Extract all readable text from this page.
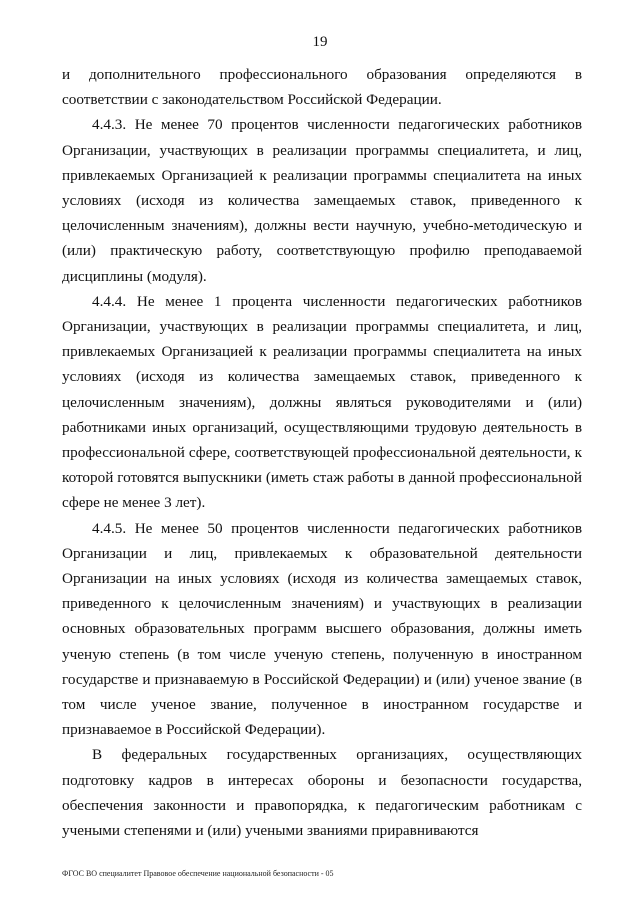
19

и дополнительного профессионального образования определяются в соответствии с законодательством Российской Федерации.

4.4.3. Не менее 70 процентов численности педагогических работников Организации, участвующих в реализации программы специалитета, и лиц, привлекаемых Организацией к реализации программы специалитета на иных условиях (исходя из количества замещаемых ставок, приведенного к целочисленным значениям), должны вести научную, учебно-методическую и (или) практическую работу, соответствующую профилю преподаваемой дисциплины (модуля).

4.4.4. Не менее 1 процента численности педагогических работников Организации, участвующих в реализации программы специалитета, и лиц, привлекаемых Организацией к реализации программы специалитета на иных условиях (исходя из количества замещаемых ставок, приведенного к целочисленным значениям), должны являться руководителями и (или) работниками иных организаций, осуществляющими трудовую деятельность в профессиональной сфере, соответствующей профессиональной деятельности, к которой готовятся выпускники (иметь стаж работы в данной профессиональной сфере не менее 3 лет).

4.4.5. Не менее 50 процентов численности педагогических работников Организации и лиц, привлекаемых к образовательной деятельности Организации на иных условиях (исходя из количества замещаемых ставок, приведенного к целочисленным значениям) и участвующих в реализации основных образовательных программ высшего образования, должны иметь ученую степень (в том числе ученую степень, полученную в иностранном государстве и признаваемую в Российской Федерации) и (или) ученое звание (в том числе ученое звание, полученное в иностранном государстве и признаваемое в Российской Федерации).

В федеральных государственных организациях, осуществляющих подготовку кадров в интересах обороны и безопасности государства, обеспечения законности и правопорядка, к педагогическим работникам с учеными степенями и (или) учеными званиями приравниваются

ФГОС ВО специалитет Правовое обеспечение национальной безопасности - 05
